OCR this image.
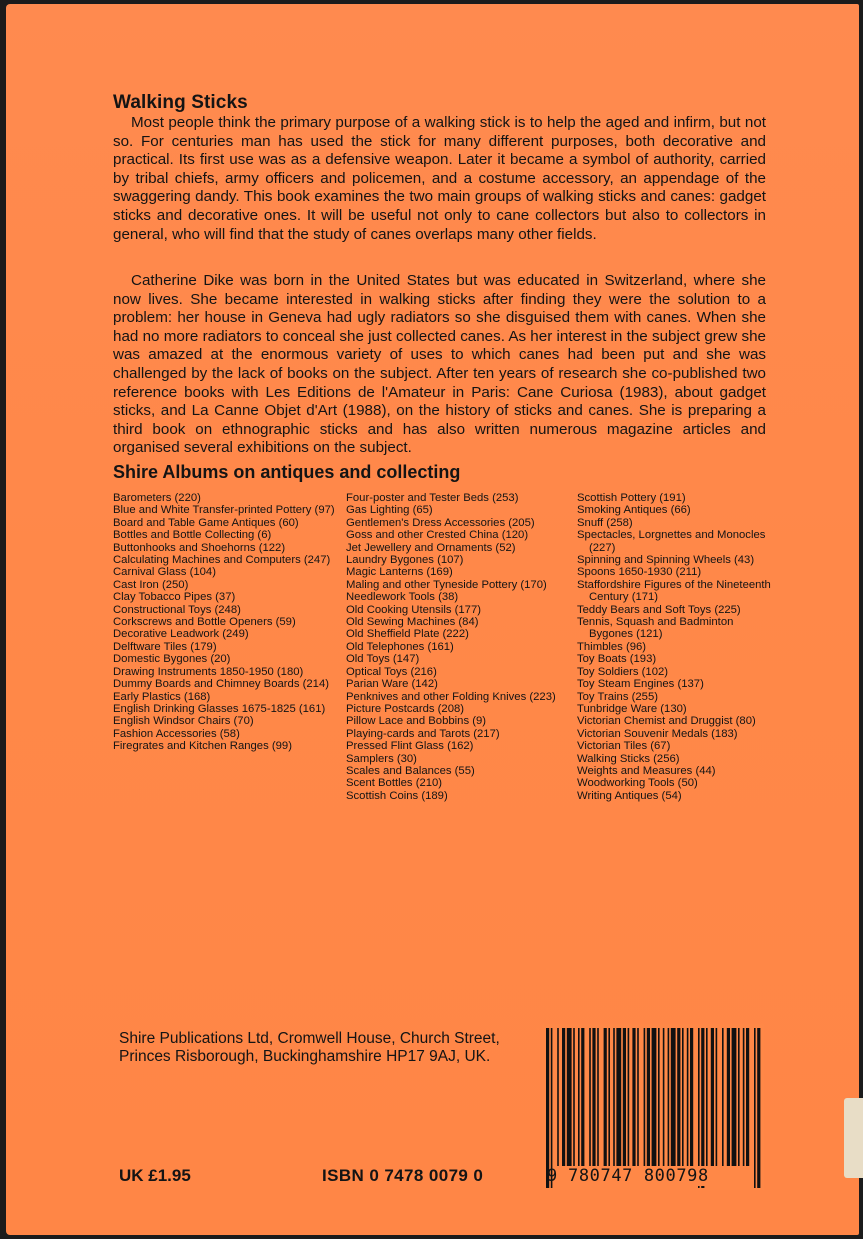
Walking Sticks

Most people think the primary purpose of a walking stick is to help the aged and infirm, but not so. For centuries man has used the stick for many different purposes, both decorative and practical. Its first use was as a defensive weapon. Later it became a symbol of authority, carried by tribal chiefs, army officers and policemen, and a costume accessory, an appendage of the swaggering dandy. This book examines the two main groups of walking sticks and canes: gadget sticks and decorative ones. It will be useful not only to cane collectors but also to collectors in general, who will find that the study of canes overlaps many other fields.

Catherine Dike was born in the United States but was educated in Switzerland, where she now lives. She became interested in walking sticks after finding they were the solution to a problem: her house in Geneva had ugly radiators so she disguised them with canes. When she had no more radiators to conceal she just collected canes. As her interest in the subject grew she was amazed at the enormous variety of uses to which canes had been put and she was challenged by the lack of books on the subject. After ten years of research she co-published two reference books with Les Editions de l'Amateur in Paris: Cane Curiosa (1983), about gadget sticks, and La Canne Objet d'Art (1988), on the history of sticks and canes. She is preparing a third book on ethnographic sticks and has also written numerous magazine articles and organised several exhibitions on the subject.

Shire Albums on antiques and collecting
Barometers (220)
Blue and White Transfer-printed Pottery (97)
Board and Table Game Antiques (60)
Bottles and Bottle Collecting (6)
Buttonhooks and Shoehorns (122)
Calculating Machines and Computers (247)
Carnival Glass (104)
Cast Iron (250)
Clay Tobacco Pipes (37)
Constructional Toys (248)
Corkscrews and Bottle Openers (59)
Decorative Leadwork (249)
Delftware Tiles (179)
Domestic Bygones (20)
Drawing Instruments 1850-1950 (180)
Dummy Boards and Chimney Boards (214)
Early Plastics (168)
English Drinking Glasses 1675-1825 (161)
English Windsor Chairs (70)
Fashion Accessories (58)
Firegrates and Kitchen Ranges (99)
Four-poster and Tester Beds (253)
Gas Lighting (65)
Gentlemen's Dress Accessories (205)
Goss and other Crested China (120)
Jet Jewellery and Ornaments (52)
Laundry Bygones (107)
Magic Lanterns (169)
Maling and other Tyneside Pottery (170)
Needlework Tools (38)
Old Cooking Utensils (177)
Old Sewing Machines (84)
Old Sheffield Plate (222)
Old Telephones (161)
Old Toys (147)
Optical Toys (216)
Parian Ware (142)
Penknives and other Folding Knives (223)
Picture Postcards (208)
Pillow Lace and Bobbins (9)
Playing-cards and Tarots (217)
Pressed Flint Glass (162)
Samplers (30)
Scales and Balances (55)
Scent Bottles (210)
Scottish Coins (189)
Scottish Pottery (191)
Smoking Antiques (66)
Snuff (258)
Spectacles, Lorgnettes and Monocles (227)
Spinning and Spinning Wheels (43)
Spoons 1650-1930 (211)
Staffordshire Figures of the Nineteenth Century (171)
Teddy Bears and Soft Toys (225)
Tennis, Squash and Badminton Bygones (121)
Thimbles (96)
Toy Boats (193)
Toy Soldiers (102)
Toy Steam Engines (137)
Toy Trains (255)
Tunbridge Ware (130)
Victorian Chemist and Druggist (80)
Victorian Souvenir Medals (183)
Victorian Tiles (67)
Walking Sticks (256)
Weights and Measures (44)
Woodworking Tools (50)
Writing Antiques (54)

Shire Publications Ltd, Cromwell House, Church Street, Princes Risborough, Buckinghamshire HP17 9AJ, UK.

UK £1.95	ISBN 0 7478 0079 0	9 780747 800798
